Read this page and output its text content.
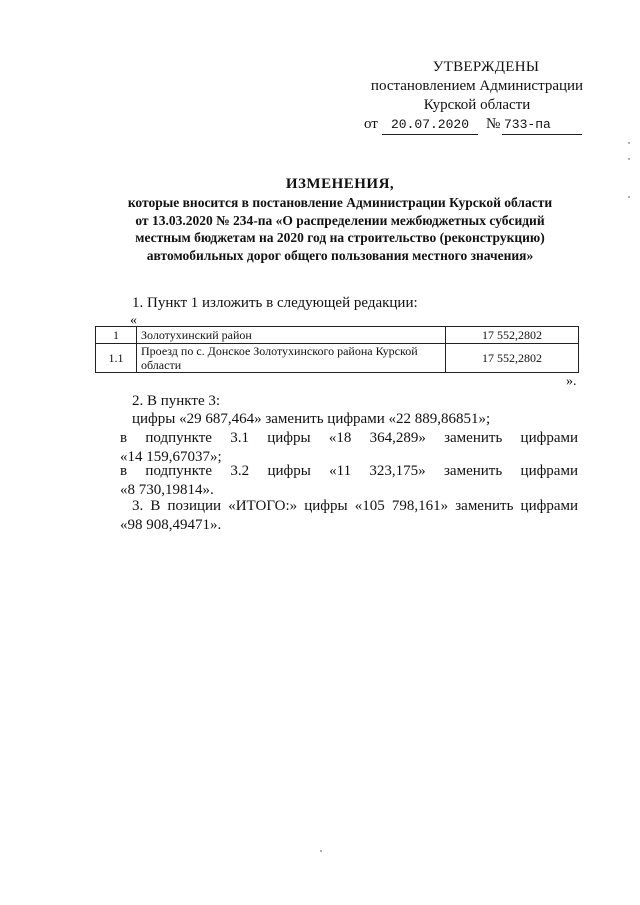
УТВЕРЖДЕНЫ
постановлением Администрации
Курской области
от	20.07.2020	№ 733-па
ИЗМЕНЕНИЯ,
которые вносится в постановление Администрации Курской области
от 13.03.2020 № 234-па «О распределении межбюджетных субсидий
местным бюджетам на 2020 год на строительство (реконструкцию)
автомобильных дорог общего пользования местного значения»
1. Пункт 1 изложить в следующей редакции:
«
1	Золотухинский район	17 552,2802
1.1	Проезд по с. Донское Золотухинского района Курской области	17 552,2802
».
2. В пункте 3:
цифры «29 687,464» заменить цифрами «22 889,86851»;
в подпункте 3.1 цифры «18 364,289» заменить цифрами
«14 159,67037»;
в подпункте 3.2 цифры «11 323,175» заменить цифрами
«8 730,19814».
3. В позиции «ИТОГО:» цифры «105 798,161» заменить цифрами
«98 908,49471».
